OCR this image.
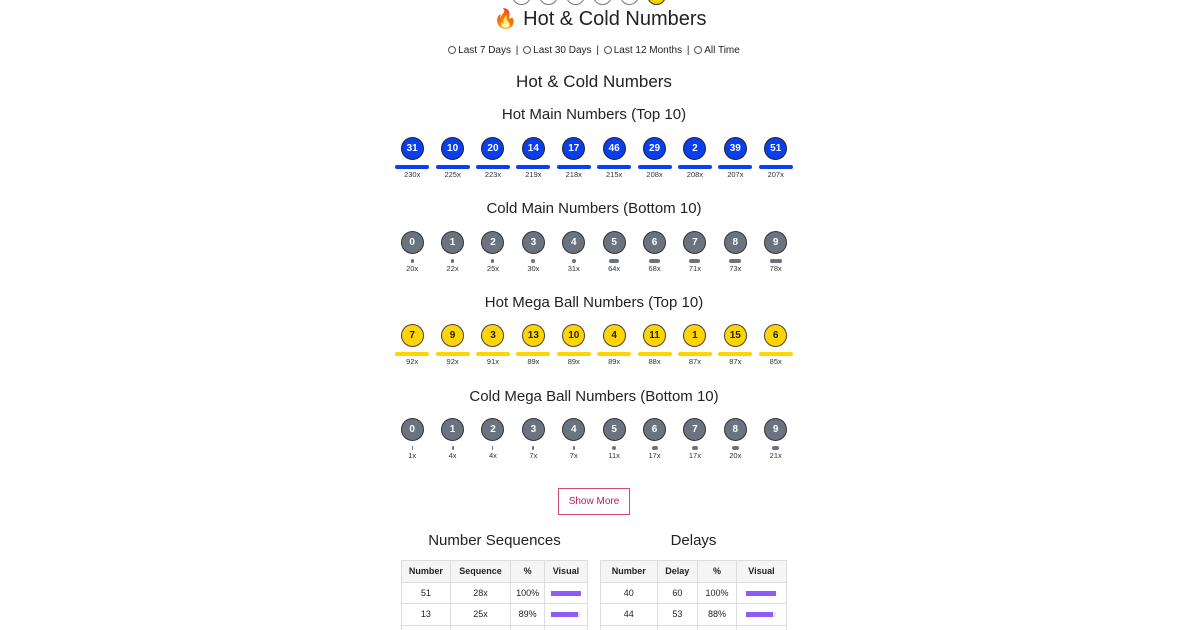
🔥 Hot & Cold Numbers
Last 7 Days | Last 30 Days | Last 12 Months | All Time
Hot & Cold Numbers
Hot Main Numbers (Top 10)
31
230x
10
225x
20
223x
14
219x
17
218x
46
215x
29
208x
2
208x
39
207x
51
207x
Cold Main Numbers (Bottom 10)
0
20x
1
22x
2
25x
3
30x
4
31x
5
64x
6
68x
7
71x
8
73x
9
78x
Hot Mega Ball Numbers (Top 10)
7
92x
9
92x
3
91x
13
89x
10
89x
4
89x
11
88x
1
87x
15
87x
6
85x
Cold Mega Ball Numbers (Bottom 10)
0
1x
1
4x
2
4x
3
7x
4
7x
5
11x
6
17x
7
17x
8
20x
9
21x
Show More
Number Sequences
Number	Sequence	%	Visual
51	28x	100%	

13	25x	89%	

Delays
Number	Delay	%	Visual
40	60	100%	

44	53	88%	
